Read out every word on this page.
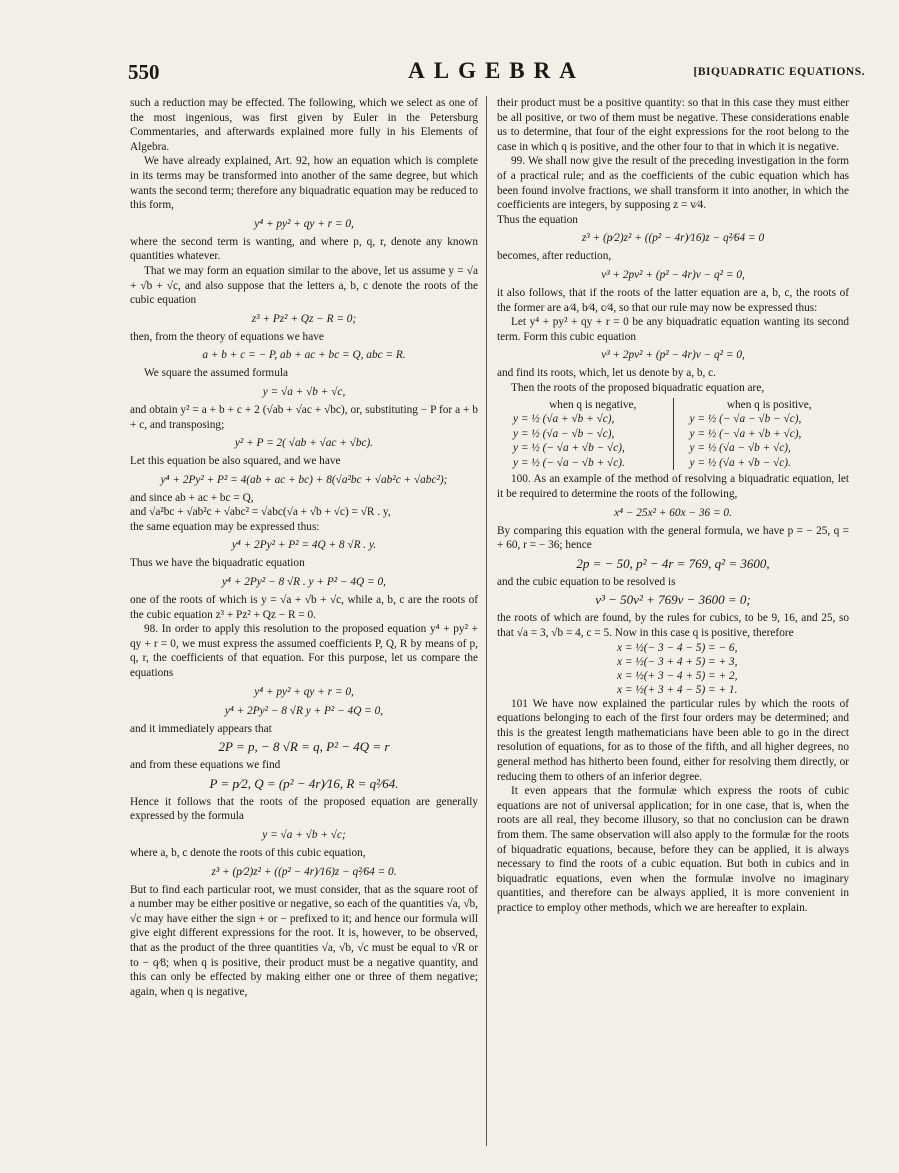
550	ALGEBRA	[BIQUADRATIC EQUATIONS.

such a reduction may be effected. The following, which we select as one of the most ingenious, was first given by Euler in the Petersburg Commentaries, and afterwards explained more fully in his Elements of Algebra.

We have already explained, Art. 92, how an equation which is complete in its terms may be transformed into another of the same degree, but which wants the second term; therefore any biquadratic equation may be reduced to this form,

y⁴ + py² + qy + r = 0,

where the second term is wanting, and where p, q, r, denote any known quantities whatever.

That we may form an equation similar to the above, let us assume y = √a + √b + √c, and also suppose that the letters a, b, c denote the roots of the cubic equation

z³ + Pz² + Qz − R = 0;

then, from the theory of equations we have

a + b + c = − P, ab + ac + bc = Q, abc = R.

We square the assumed formula

y = √a + √b + √c,

and obtain y² = a + b + c + 2 (√ab + √ac + √bc), or, substituting − P for a + b + c, and transposing;

y² + P = 2( √ab + √ac + √bc).

Let this equation be also squared, and we have

y⁴ + 2Py² + P² = 4(ab + ac + bc) + 8(√a²bc + √ab²c + √abc²);

and since ab + ac + bc = Q,

and √a²bc + √ab²c + √abc² = √abc(√a + √b + √c) = √R . y,

the same equation may be expressed thus:

y⁴ + 2Py² + P² = 4Q + 8 √R . y.

Thus we have the biquadratic equation

y⁴ + 2Py² − 8 √R . y + P² − 4Q = 0,

one of the roots of which is y = √a + √b + √c, while a, b, c are the roots of the cubic equation z³ + Pz² + Qz − R = 0.

98. In order to apply this resolution to the proposed equation y⁴ + py² + qy + r = 0, we must express the assumed coefficients P, Q, R by means of p, q, r, the coefficients of that equation. For this purpose, let us compare the equations

y⁴ + py² + qy + r = 0,
y⁴ + 2Py² − 8 √R y + P² − 4Q = 0,

and it immediately appears that

2P = p, − 8 √R = q, P² − 4Q = r

and from these equations we find

P = p⁄2, Q = (p² − 4r)⁄16, R = q²⁄64.

Hence it follows that the roots of the proposed equation are generally expressed by the formula

y = √a + √b + √c;

where a, b, c denote the roots of this cubic equation,

z³ + (p⁄2)z² + ((p² − 4r)⁄16)z − q²⁄64 = 0.

But to find each particular root, we must consider, that as the square root of a number may be either positive or negative, so each of the quantities √a, √b, √c may have either the sign + or − prefixed to it; and hence our formula will give eight different expressions for the root. It is, however, to be observed, that as the product of the three quantities √a, √b, √c must be equal to √R or to − q⁄8; when q is positive, their product must be a negative quantity, and this can only be effected by making either one or three of them negative; again, when q is negative,

their product must be a positive quantity: so that in this case they must either be all positive, or two of them must be negative. These considerations enable us to determine, that four of the eight expressions for the root belong to the case in which q is positive, and the other four to that in which it is negative.

99. We shall now give the result of the preceding investigation in the form of a practical rule; and as the coefficients of the cubic equation which has been found involve fractions, we shall transform it into another, in which the coefficients are integers, by supposing z = v⁄4.

Thus the equation

z³ + (p⁄2)z² + ((p² − 4r)⁄16)z − q²⁄64 = 0

becomes, after reduction,

v³ + 2pv² + (p² − 4r)v − q² = 0,

it also follows, that if the roots of the latter equation are a, b, c, the roots of the former are a⁄4, b⁄4, c⁄4, so that our rule may now be expressed thus:

Let y⁴ + py² + qy + r = 0 be any biquadratic equation wanting its second term. Form this cubic equation

v³ + 2pv² + (p² − 4r)v − q² = 0,

and find its roots, which, let us denote by a, b, c.

Then the roots of the proposed biquadratic equation are,

when q is negative,
y = ½ (√a + √b + √c),
y = ½ (√a − √b − √c),
y = ½ (− √a + √b − √c),
y = ½ (− √a − √b + √c).
when q is positive,
y = ½ (− √a − √b − √c),
y = ½ (− √a + √b + √c),
y = ½ (√a − √b + √c),
y = ½ (√a + √b − √c).

100. As an example of the method of resolving a biquadratic equation, let it be required to determine the roots of the following,

x⁴ − 25x² + 60x − 36 = 0.

By comparing this equation with the general formula, we have p = − 25, q = + 60, r = − 36; hence

2p = − 50, p² − 4r = 769, q² = 3600,

and the cubic equation to be resolved is

v³ − 50v² + 769v − 3600 = 0;

the roots of which are found, by the rules for cubics, to be 9, 16, and 25, so that √a = 3, √b = 4, c = 5. Now in this case q is positive, therefore

x = ½(− 3 − 4 − 5) = − 6,
x = ½(− 3 + 4 + 5) = + 3,
x = ½(+ 3 − 4 + 5) = + 2,
x = ½(+ 3 + 4 − 5) = + 1.

101 We have now explained the particular rules by which the roots of equations belonging to each of the first four orders may be determined; and this is the greatest length mathematicians have been able to go in the direct resolution of equations, for as to those of the fifth, and all higher degrees, no general method has hitherto been found, either for resolving them directly, or reducing them to others of an inferior degree.

It even appears that the formulæ which express the roots of cubic equations are not of universal application; for in one case, that is, when the roots are all real, they become illusory, so that no conclusion can be drawn from them. The same observation will also apply to the formulæ for the roots of biquadratic equations, because, before they can be applied, it is always necessary to find the roots of a cubic equation. But both in cubics and in biquadratic equations, even when the formulæ involve no imaginary quantities, and therefore can be always applied, it is more convenient in practice to employ other methods, which we are hereafter to explain.
